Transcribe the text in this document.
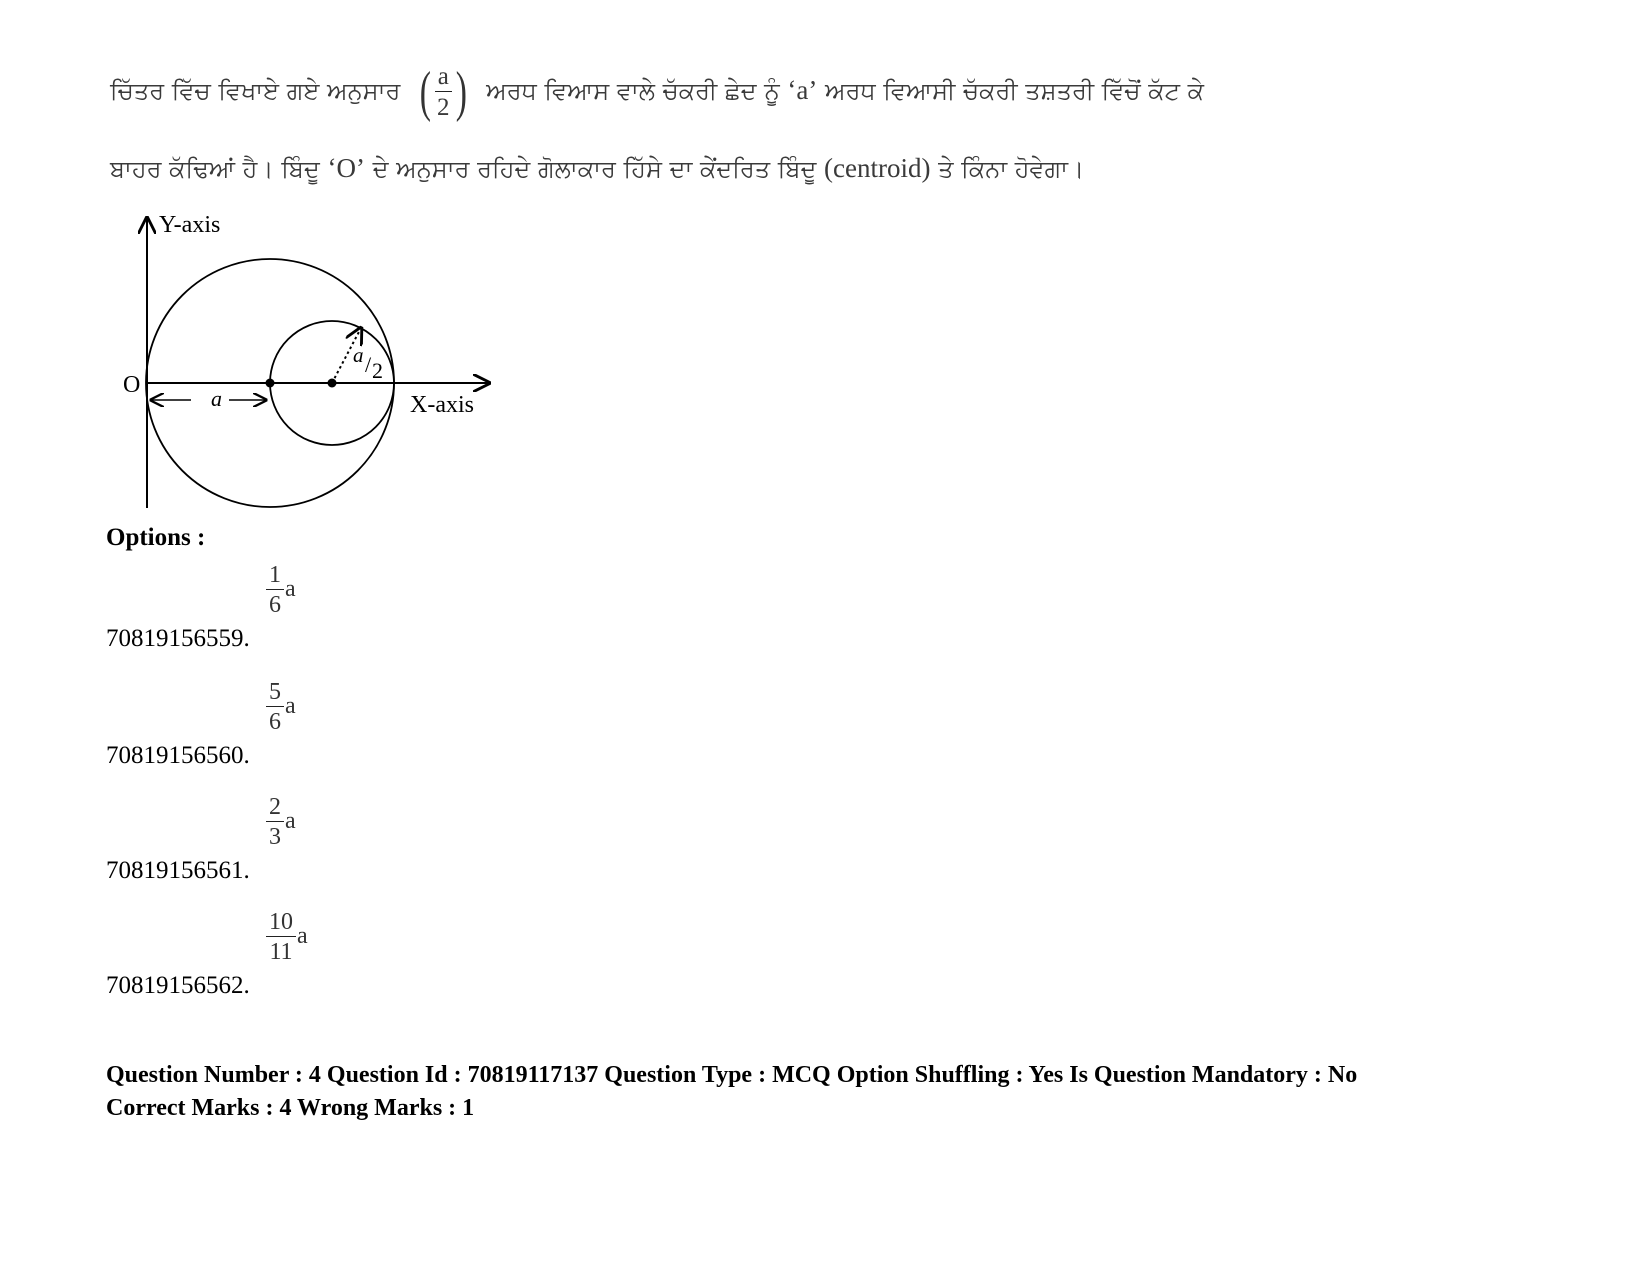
ਚਿੱਤਰ ਵਿੱਚ ਵਿਖਾਏ ਗਏ ਅਨੁਸਾਰ ( $\frac{a}{2}$ ) ਅਰਧ ਵਿਆਸ ਵਾਲੇ ਚੱਕਰੀ ਛੇਦ ਨੂੰ ‘a’ ਅਰਧ ਵਿਆਸੀ ਚੱਕਰੀ ਤਸ਼ਤਰੀ ਵਿੱਚੋਂ ਕੱਟ ਕੇ
ਬਾਹਰ ਕੱਢਿਆਂ ਹੈ। ਬਿੰਦੂ ‘O’ ਦੇ ਅਨੁਸਾਰ ਰਹਿਦੇ ਗੋਲਾਕਾਰ ਹਿੱਸੇ ਦਾ ਕੇਂਦਰਿਤ ਬਿੰਦੂ (centroid) ਤੇ ਕਿੰਨਾ ਹੋਵੇਗਾ।
Y-axis
X-axis
O
a / 2
a
Options :
70819156559.
$\frac{1}{6}$ a
70819156560.
$\frac{5}{6}$ a
70819156561.
$\frac{2}{3}$ a
70819156562.
$\frac{10}{11}$ a
Question Number : 4 Question Id : 70819117137 Question Type : MCQ Option Shuffling : Yes Is Question Mandatory : No
Correct Marks : 4 Wrong Marks : 1
